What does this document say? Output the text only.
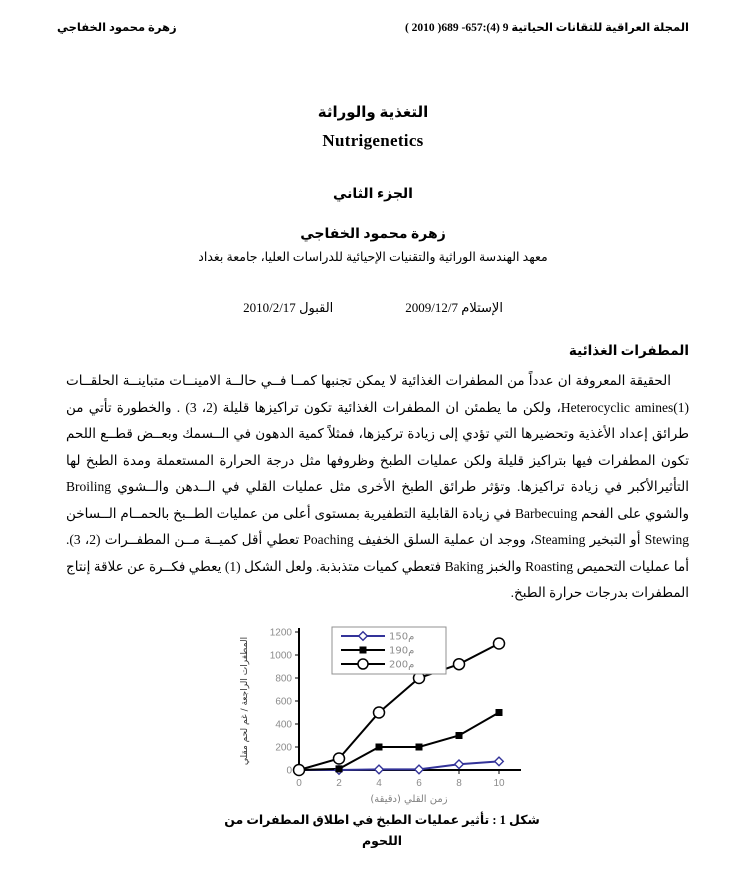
زهرة محمود الخفاجي	المجلة العراقية للتقانات الحياتية 9 (4):657- 689( 2010 )
التغذية والوراثة
Nutrigenetics
الجزء الثاني
زهرة محمود الخفاجي
معهد الهندسة الوراثية والتقنيات الإحيائية للدراسات العليا، جامعة بغداد
الإستلام 2009/12/7
القبول 2010/2/17
المطفرات الغذائية

الحقيقة المعروفة ان عدداً من المطفرات الغذائية لا يمكن تجنبها كمــا فــي حالــة الامينــات متباينــة الحلقــات Heterocyclic amines(1)، ولكن ما يطمئن ان المطفرات الغذائية تكون تراكيزها قليلة (2، 3) . والخطورة تأتي من طرائق إعداد الأغذية وتحضيرها التي تؤدي إلى زيادة تركيزها، فمثلاً كمية الدهون في الــسمك وبعــض قطــع اللحم تكون المطفرات فيها بتراكيز قليلة ولكن عمليات الطبخ وظروفها مثل درجة الحرارة المستعملة ومدة الطبخ لها التأثيرالأكبر في زيادة تراكيزها. وتؤثر طرائق الطبخ الأخرى مثل عمليات القلي في الــدهن والــشوي Broiling والشوي على الفحم Barbecuing في زيادة القابلية التطفيرية بمستوى أعلى من عمليات الطــبخ بالحمــام الــساخن Stewing أو التبخير Steaming، ووجد ان عملية السلق الخفيف Poaching تعطي أقل كميــة مــن المطفــرات (2، 3). أما عمليات التحميص Roasting والخبز Baking فتعطي كميات متذبذبة. ولعل الشكل (1) يعطي فكــرة عن علاقة إنتاج المطفرات بدرجات حرارة الطبخ.

0
200
400
600
800
1000
1200
0	2	4	6	8	10
م150
م190
م200
زمن القلي (دقيقة)
المطفرات الراجعة / غم لحم مقلي
شكل 1 : تأثير عمليات الطبخ في اطلاق المطفرات من
اللحوم
